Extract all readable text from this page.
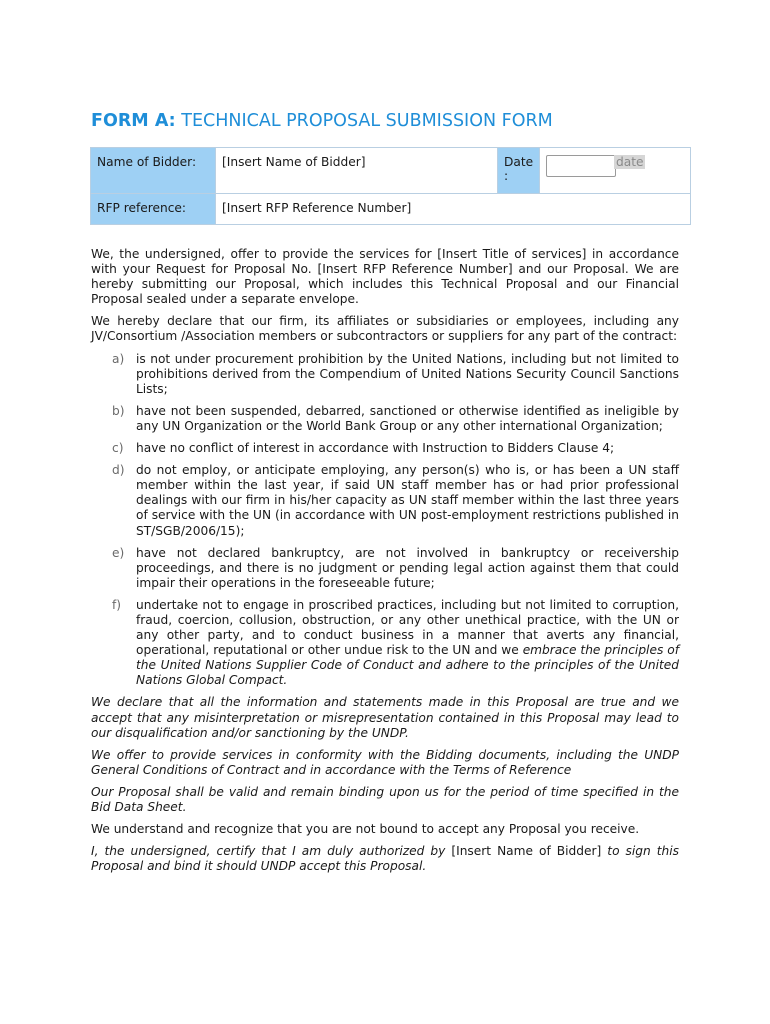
FORM A: TECHNICAL PROPOSAL SUBMISSION FORM
Name of Bidder:	[Insert Name of Bidder]	Date :	date
RFP reference:	[Insert RFP Reference Number]		

We, the undersigned, offer to provide the services for [Insert Title of services] in accordance with your Request for Proposal No. [Insert RFP Reference Number] and our Proposal. We are hereby submitting our Proposal, which includes this Technical Proposal and our Financial Proposal sealed under a separate envelope.

We hereby declare that our firm, its affiliates or subsidiaries or employees, including any JV/Consortium /Association members or subcontractors or suppliers for any part of the contract:

a) is not under procurement prohibition by the United Nations, including but not limited to prohibitions derived from the Compendium of United Nations Security Council Sanctions Lists;
b) have not been suspended, debarred, sanctioned or otherwise identified as ineligible by any UN Organization or the World Bank Group or any other international Organization;
c) have no conflict of interest in accordance with Instruction to Bidders Clause 4;
d) do not employ, or anticipate employing, any person(s) who is, or has been a UN staff member within the last year, if said UN staff member has or had prior professional dealings with our firm in his/her capacity as UN staff member within the last three years of service with the UN (in accordance with UN post-employment restrictions published in ST/SGB/2006/15);
e) have not declared bankruptcy, are not involved in bankruptcy or receivership proceedings, and there is no judgment or pending legal action against them that could impair their operations in the foreseeable future;
f) undertake not to engage in proscribed practices, including but not limited to corruption, fraud, coercion, collusion, obstruction, or any other unethical practice, with the UN or any other party, and to conduct business in a manner that averts any financial, operational, reputational or other undue risk to the UN and we embrace the principles of the United Nations Supplier Code of Conduct and adhere to the principles of the United Nations Global Compact.

We declare that all the information and statements made in this Proposal are true and we accept that any misinterpretation or misrepresentation contained in this Proposal may lead to our disqualification and/or sanctioning by the UNDP.

We offer to provide services in conformity with the Bidding documents, including the UNDP General Conditions of Contract and in accordance with the Terms of Reference

Our Proposal shall be valid and remain binding upon us for the period of time specified in the Bid Data Sheet.

We understand and recognize that you are not bound to accept any Proposal you receive.

I, the undersigned, certify that I am duly authorized by [Insert Name of Bidder] to sign this Proposal and bind it should UNDP accept this Proposal.
